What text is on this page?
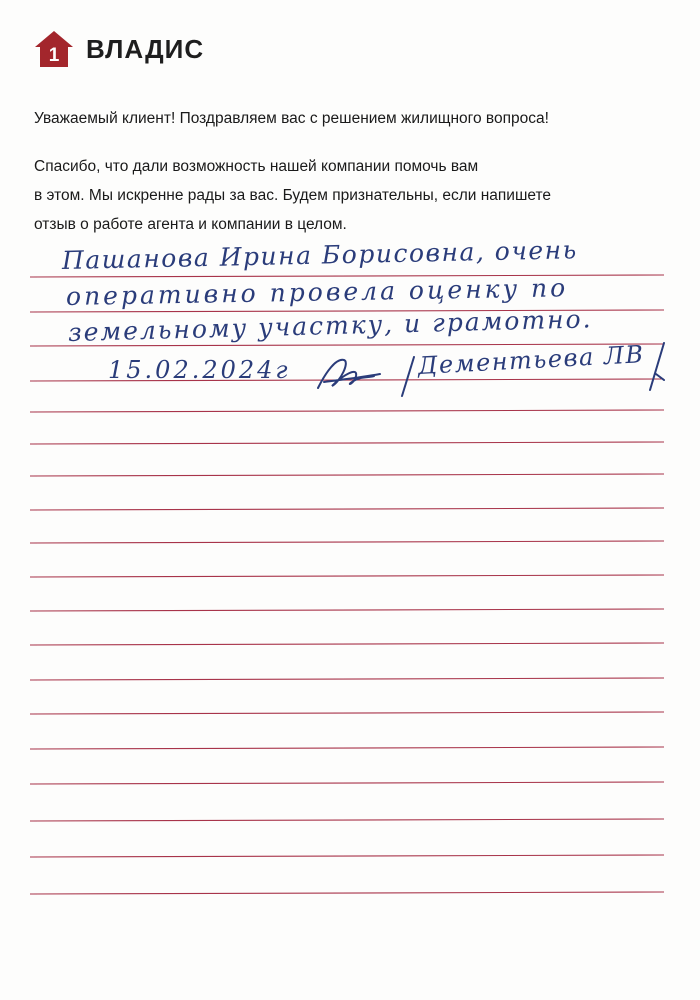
1 ВЛАДИС

Уважаемый клиент! Поздравляем вас с решением жилищного вопроса!

Спасибо, что дали возможность нашей компании помочь вам
в этом. Мы искренне рады за вас. Будем признательны, если напишете
отзыв о работе агента и компании в целом.

Пашанова Ирина Борисовна, очень
оперативно провела оценку по
земельному участку, и грамотно.
15.02.2024г	Дементьева ЛВ
